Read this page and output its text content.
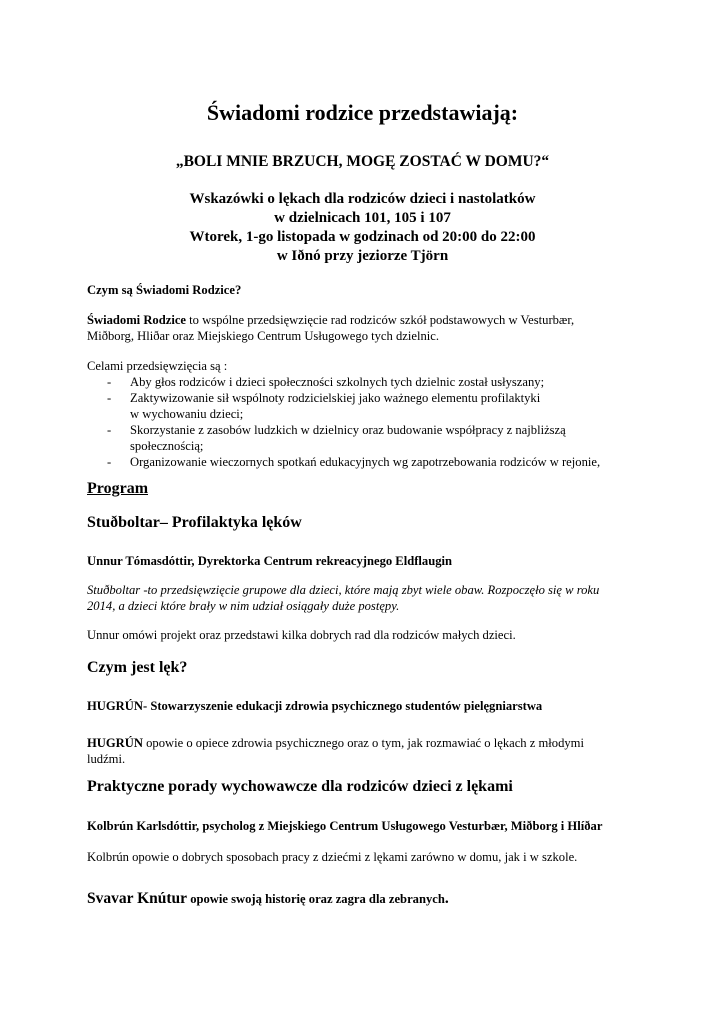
Świadomi rodzice przedstawiają:
„BOLI MNIE BRZUCH, MOGĘ ZOSTAĆ W DOMU?“
Wskazówki o lękach dla rodziców dzieci i nastolatków
w dzielnicach 101, 105 i 107
Wtorek, 1-go listopada w godzinach od 20:00 do 22:00
w Iðnó przy jeziorze Tjörn
Czym są Świadomi Rodzice?
Świadomi Rodzice to wspólne przedsięwzięcie rad rodziców szkół podstawowych w Vesturbær,
Miðborg, Hliðar oraz Miejskiego Centrum Usługowego tych dzielnic.
Celami przedsięwzięcia są :
- Aby głos rodziców i dzieci społeczności szkolnych tych dzielnic został usłyszany;
- Zaktywizowanie sił wspólnoty rodzicielskiej jako ważnego elementu profilaktyki
w wychowaniu dzieci;
- Skorzystanie z zasobów ludzkich w dzielnicy oraz budowanie współpracy z najbliższą
społecznością;
- Organizowanie wieczornych spotkań edukacyjnych wg zapotrzebowania rodziców w rejonie,
Program
Stuðboltar– Profilaktyka lęków
Unnur Tómasdóttir, Dyrektorka Centrum rekreacyjnego Eldflaugin
Stuðboltar -to przedsięwzięcie grupowe dla dzieci, które mają zbyt wiele obaw. Rozpoczęło się w roku
2014, a dzieci które brały w nim udział osiągały duże postępy.
Unnur omówi projekt oraz przedstawi kilka dobrych rad dla rodziców małych dzieci.
Czym jest lęk?
HUGRÚN- Stowarzyszenie edukacji zdrowia psychicznego studentów pielęgniarstwa
HUGRÚN opowie o opiece zdrowia psychicznego oraz o tym, jak rozmawiać o lękach z młodymi
ludźmi.
Praktyczne porady wychowawcze dla rodziców dzieci z lękami
Kolbrún Karlsdóttir, psycholog z Miejskiego Centrum Usługowego Vesturbær, Miðborg i Hlíðar
Kolbrún opowie o dobrych sposobach pracy z dziećmi z lękami zarówno w domu, jak i w szkole.
Svavar Knútur opowie swoją historię oraz zagra dla zebranych.
